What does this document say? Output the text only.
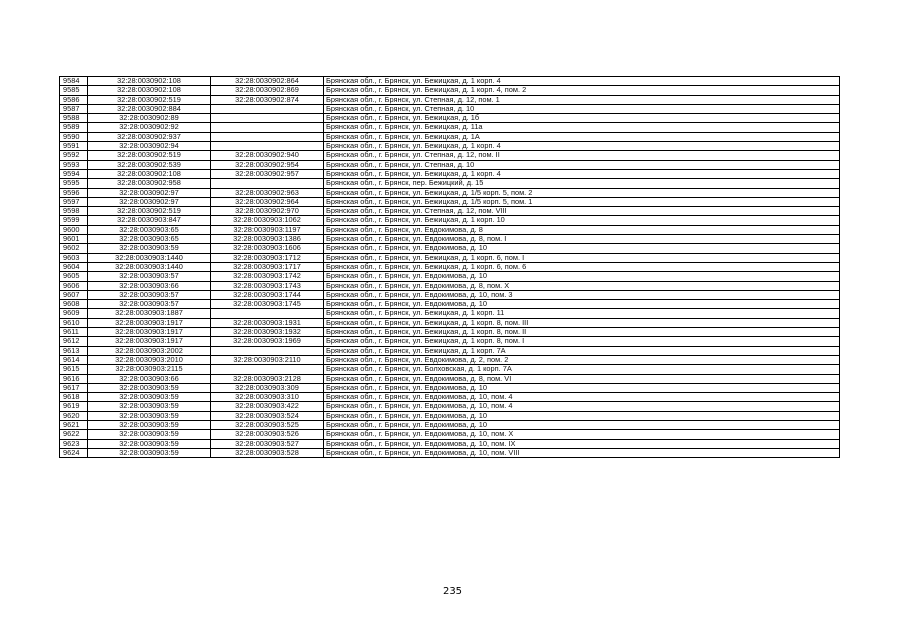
9584	32:28:0030902:108	32:28:0030902:864	Брянская обл., г. Брянск, ул. Бежицкая, д. 1 корп. 4
9585	32:28:0030902:108	32:28:0030902:869	Брянская обл., г. Брянск, ул. Бежицкая, д. 1 корп. 4, пом. 2
9586	32:28:0030902:519	32:28:0030902:874	Брянская обл., г. Брянск, ул. Степная, д. 12, пом. 1
9587	32:28:0030902:884		Брянская обл., г. Брянск, ул. Степная, д. 10
9588	32:28:0030902:89		Брянская обл., г. Брянск, ул. Бежицкая, д. 1б
9589	32:28:0030902:92		Брянская обл., г. Брянск, ул. Бежицкая, д. 11а
9590	32:28:0030902:937		Брянская обл., г. Брянск, ул. Бежицкая, д. 1А
9591	32:28:0030902:94		Брянская обл., г. Брянск, ул. Бежицкая, д. 1 корп. 4
9592	32:28:0030902:519	32:28:0030902:940	Брянская обл., г. Брянск, ул. Степная, д. 12, пом. II
9593	32:28:0030902:539	32:28:0030902:954	Брянская обл., г. Брянск, ул. Степная, д. 10
9594	32:28:0030902:108	32:28:0030902:957	Брянская обл., г. Брянск, ул. Бежицкая, д. 1 корп. 4
9595	32:28:0030902:958		Брянская обл., г. Брянск, пер. Бежицкий, д. 15
9596	32:28:0030902:97	32:28:0030902:963	Брянская обл., г. Брянск, ул. Бежицкая, д. 1/5 корп. 5, пом. 2
9597	32:28:0030902:97	32:28:0030902:964	Брянская обл., г. Брянск, ул. Бежицкая, д. 1/5 корп. 5, пом. 1
9598	32:28:0030902:519	32:28:0030902:970	Брянская обл., г. Брянск, ул. Степная, д. 12, пом. VIII
9599	32:28:0030903:847	32:28:0030903:1062	Брянская обл., г. Брянск, ул. Бежицкая, д. 1 корп. 10
9600	32:28:0030903:65	32:28:0030903:1197	Брянская обл., г. Брянск, ул. Евдокимова, д. 8
9601	32:28:0030903:65	32:28:0030903:1386	Брянская обл., г. Брянск, ул. Евдокимова, д. 8, пом. I
9602	32:28:0030903:59	32:28:0030903:1606	Брянская обл., г. Брянск, ул. Евдокимова, д. 10
9603	32:28:0030903:1440	32:28:0030903:1712	Брянская обл., г. Брянск, ул. Бежицкая, д. 1 корп. 6, пом. I
9604	32:28:0030903:1440	32:28:0030903:1717	Брянская обл., г. Брянск, ул. Бежицкая, д. 1 корп. 6, пом. 6
9605	32:28:0030903:57	32:28:0030903:1742	Брянская обл., г. Брянск, ул. Евдокимова, д. 10
9606	32:28:0030903:66	32:28:0030903:1743	Брянская обл., г. Брянск, ул. Евдокимова, д. 8, пом. X
9607	32:28:0030903:57	32:28:0030903:1744	Брянская обл., г. Брянск, ул. Евдокимова, д. 10, пом. 3
9608	32:28:0030903:57	32:28:0030903:1745	Брянская обл., г. Брянск, ул. Евдокимова, д. 10
9609	32:28:0030903:1887		Брянская обл., г. Брянск, ул. Бежицкая, д. 1 корп. 11
9610	32:28:0030903:1917	32:28:0030903:1931	Брянская обл., г. Брянск, ул. Бежицкая, д. 1 корп. 8, пом. III
9611	32:28:0030903:1917	32:28:0030903:1932	Брянская обл., г. Брянск, ул. Бежицкая, д. 1 корп. 8, пом. II
9612	32:28:0030903:1917	32:28:0030903:1969	Брянская обл., г. Брянск, ул. Бежицкая, д. 1 корп. 8, пом. I
9613	32:28:0030903:2002		Брянская обл., г. Брянск, ул. Бежицкая, д. 1 корп. 7А
9614	32:28:0030903:2010	32:28:0030903:2110	Брянская обл., г. Брянск, ул. Евдокимова, д. 2, пом. 2
9615	32:28:0030903:2115		Брянская обл., г. Брянск, ул. Болховская, д. 1 корп. 7А
9616	32:28:0030903:66	32:28:0030903:2128	Брянская обл., г. Брянск, ул. Евдокимова, д. 8, пом. VI
9617	32:28:0030903:59	32:28:0030903:309	Брянская обл., г. Брянск, ул. Евдокимова, д. 10
9618	32:28:0030903:59	32:28:0030903:310	Брянская обл., г. Брянск, ул. Евдокимова, д. 10, пом. 4
9619	32:28:0030903:59	32:28:0030903:422	Брянская обл., г. Брянск, ул. Евдокимова, д. 10, пом. 4
9620	32:28:0030903:59	32:28:0030903:524	Брянская обл., г. Брянск, ул. Евдокимова, д. 10
9621	32:28:0030903:59	32:28:0030903:525	Брянская обл., г. Брянск, ул. Евдокимова, д. 10
9622	32:28:0030903:59	32:28:0030903:526	Брянская обл., г. Брянск, ул. Евдокимова, д. 10, пом. X
9623	32:28:0030903:59	32:28:0030903:527	Брянская обл., г. Брянск, ул. Евдокимова, д. 10, пом. IX
9624	32:28:0030903:59	32:28:0030903:528	Брянская обл., г. Брянск, ул. Евдокимова, д. 10, пом. VIII
235
